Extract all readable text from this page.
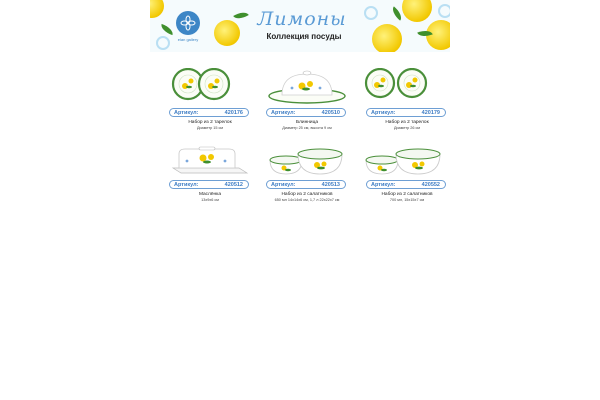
elan gallery
Лимоны
Коллекция посуды
Артикул:	420176
Набор из 2 тарелок
Диаметр 15 см
Артикул:	420510
Блинница
Диаметр 25 см, высота 9 см
Артикул:	420179
Набор из 2 тарелок
Диаметр 26 см
Артикул:	420512
Маслёнка
13х9х6 см
Артикул:	420513
Набор из 2 салатников
650 мл 14х14х6 см, 1,7 л 22х22х7 см
Артикул:	420552
Набор из 2 салатников
700 мл, 15х15х7 см
